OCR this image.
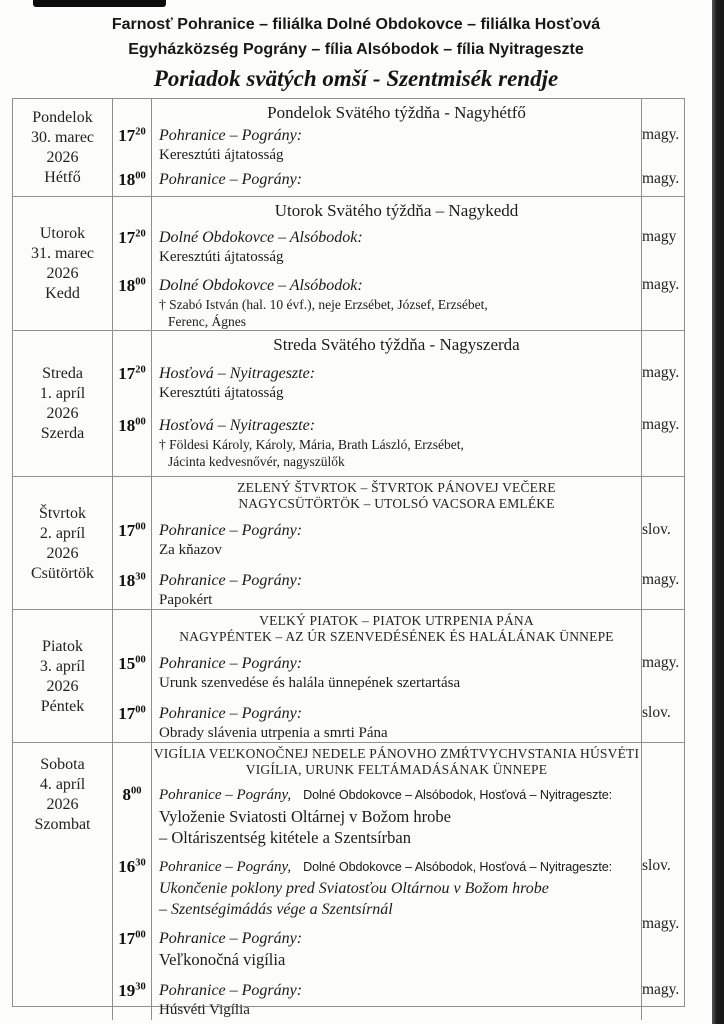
Farnosť Pohranice – filiálka Dolné Obdokovce – filiálka Hosťová
Egyházközség Pográny – fília Alsóbodok – fília Nyitrageszte
Poriadok svätých omší - Szentmisék rendje
Pondelok
30. marec
2026
Hétfő
Pondelok Svätého týždňa - Nagyhétfő
$17^{20}$ Pohranice – Pográny:
Keresztúti ájtatosság
magy.
$18^{00}$ Pohranice – Pográny:	magy.
Utorok
31. marec
2026
Kedd
Utorok Svätého týždňa – Nagykedd
$17^{20}$ Dolné Obdokovce – Alsóbodok:
Keresztúti ájtatosság
magy
$18^{00}$ Dolné Obdokovce – Alsóbodok:
† Szabó István (hal. 10 évf.), neje Erzsébet, József, Erzsébet,
Ferenc, Ágnes
magy.
Streda
1. apríl
2026
Szerda
Streda Svätého týždňa - Nagyszerda
$17^{20}$ Hosťová – Nyitrageszte:
Keresztúti ájtatosság
magy.
$18^{00}$ Hosťová – Nyitrageszte:
† Földesi Károly, Károly, Mária, Brath László, Erzsébet,
Jácinta kedvesnővér, nagyszülők
magy.
Štvrtok
2. apríl
2026
Csütörtök
ZELENÝ ŠTVRTOK – ŠTVRTOK PÁNOVEJ VEČERE
NAGYCSÜTÖRTÖK – UTOLSÓ VACSORA EMLÉKE
$17^{00}$ Pohranice – Pográny:
Za kňazov
slov.
$18^{30}$ Pohranice – Pográny:
Papokért
magy.
Piatok
3. apríl
2026
Péntek
VEĽKÝ PIATOK – PIATOK UTRPENIA PÁNA
NAGYPÉNTEK – AZ ÚR SZENVEDÉSÉNEK ÉS HALÁLÁNAK ÜNNEPE
$15^{00}$ Pohranice – Pográny:
Urunk szenvedése és halála ünnepének szertartása
magy.
$17^{00}$ Pohranice – Pográny:
Obrady slávenia utrpenia a smrti Pána
slov.
Sobota
4. apríl
2026
Szombat
VIGÍLIA VEĽKONOČNEJ NEDELE PÁNOVHO ZMŔTVYCHVSTANIA HÚSVÉTI
VIGÍLIA, URUNK FELTÁMADÁSÁNAK ÜNNEPE
$8^{00}$	Pohranice – Pográny, Dolné Obdokovce – Alsóbodok, Hosťová – Nyitrageszte:
Vyloženie Sviatosti Oltárnej v Božom hrobe
– Oltáriszentség kitétele a Szentsírban
$16^{30}$ Pohranice – Pográny, Dolné Obdokovce – Alsóbodok, Hosťová – Nyitrageszte:
Ukončenie poklony pred Sviatosťou Oltárnou v Božom hrobe
– Szentségimádás vége a Szentsírnál
slov.
$17^{00}$ Pohranice – Pográny:
Veľkonočná vigília
magy.
$19^{30}$ Pohranice – Pográny:
Húsvéti Vigília
magy.
